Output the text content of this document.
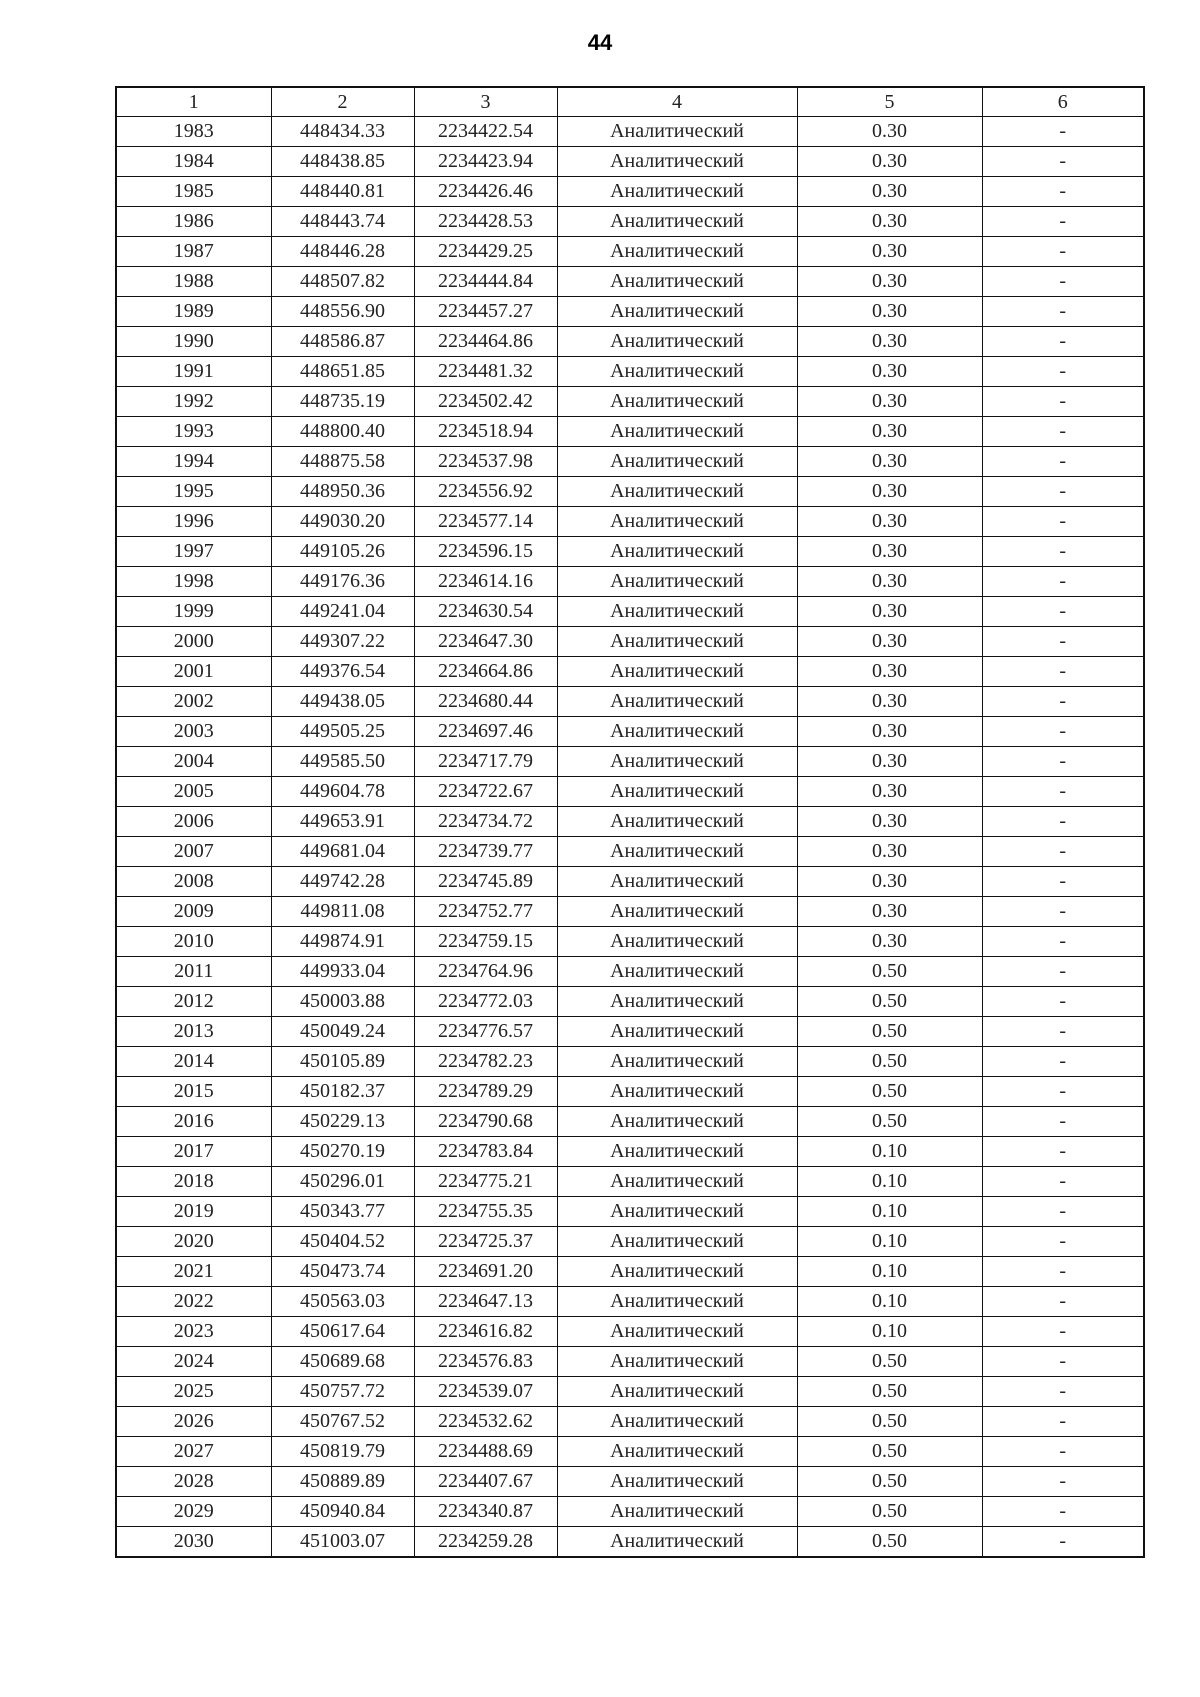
44
1	2	3	4	5	6
1983	448434.33	2234422.54	Аналитический	0.30	-
1984	448438.85	2234423.94	Аналитический	0.30	-
1985	448440.81	2234426.46	Аналитический	0.30	-
1986	448443.74	2234428.53	Аналитический	0.30	-
1987	448446.28	2234429.25	Аналитический	0.30	-
1988	448507.82	2234444.84	Аналитический	0.30	-
1989	448556.90	2234457.27	Аналитический	0.30	-
1990	448586.87	2234464.86	Аналитический	0.30	-
1991	448651.85	2234481.32	Аналитический	0.30	-
1992	448735.19	2234502.42	Аналитический	0.30	-
1993	448800.40	2234518.94	Аналитический	0.30	-
1994	448875.58	2234537.98	Аналитический	0.30	-
1995	448950.36	2234556.92	Аналитический	0.30	-
1996	449030.20	2234577.14	Аналитический	0.30	-
1997	449105.26	2234596.15	Аналитический	0.30	-
1998	449176.36	2234614.16	Аналитический	0.30	-
1999	449241.04	2234630.54	Аналитический	0.30	-
2000	449307.22	2234647.30	Аналитический	0.30	-
2001	449376.54	2234664.86	Аналитический	0.30	-
2002	449438.05	2234680.44	Аналитический	0.30	-
2003	449505.25	2234697.46	Аналитический	0.30	-
2004	449585.50	2234717.79	Аналитический	0.30	-
2005	449604.78	2234722.67	Аналитический	0.30	-
2006	449653.91	2234734.72	Аналитический	0.30	-
2007	449681.04	2234739.77	Аналитический	0.30	-
2008	449742.28	2234745.89	Аналитический	0.30	-
2009	449811.08	2234752.77	Аналитический	0.30	-
2010	449874.91	2234759.15	Аналитический	0.30	-
2011	449933.04	2234764.96	Аналитический	0.50	-
2012	450003.88	2234772.03	Аналитический	0.50	-
2013	450049.24	2234776.57	Аналитический	0.50	-
2014	450105.89	2234782.23	Аналитический	0.50	-
2015	450182.37	2234789.29	Аналитический	0.50	-
2016	450229.13	2234790.68	Аналитический	0.50	-
2017	450270.19	2234783.84	Аналитический	0.10	-
2018	450296.01	2234775.21	Аналитический	0.10	-
2019	450343.77	2234755.35	Аналитический	0.10	-
2020	450404.52	2234725.37	Аналитический	0.10	-
2021	450473.74	2234691.20	Аналитический	0.10	-
2022	450563.03	2234647.13	Аналитический	0.10	-
2023	450617.64	2234616.82	Аналитический	0.10	-
2024	450689.68	2234576.83	Аналитический	0.50	-
2025	450757.72	2234539.07	Аналитический	0.50	-
2026	450767.52	2234532.62	Аналитический	0.50	-
2027	450819.79	2234488.69	Аналитический	0.50	-
2028	450889.89	2234407.67	Аналитический	0.50	-
2029	450940.84	2234340.87	Аналитический	0.50	-
2030	451003.07	2234259.28	Аналитический	0.50	-
